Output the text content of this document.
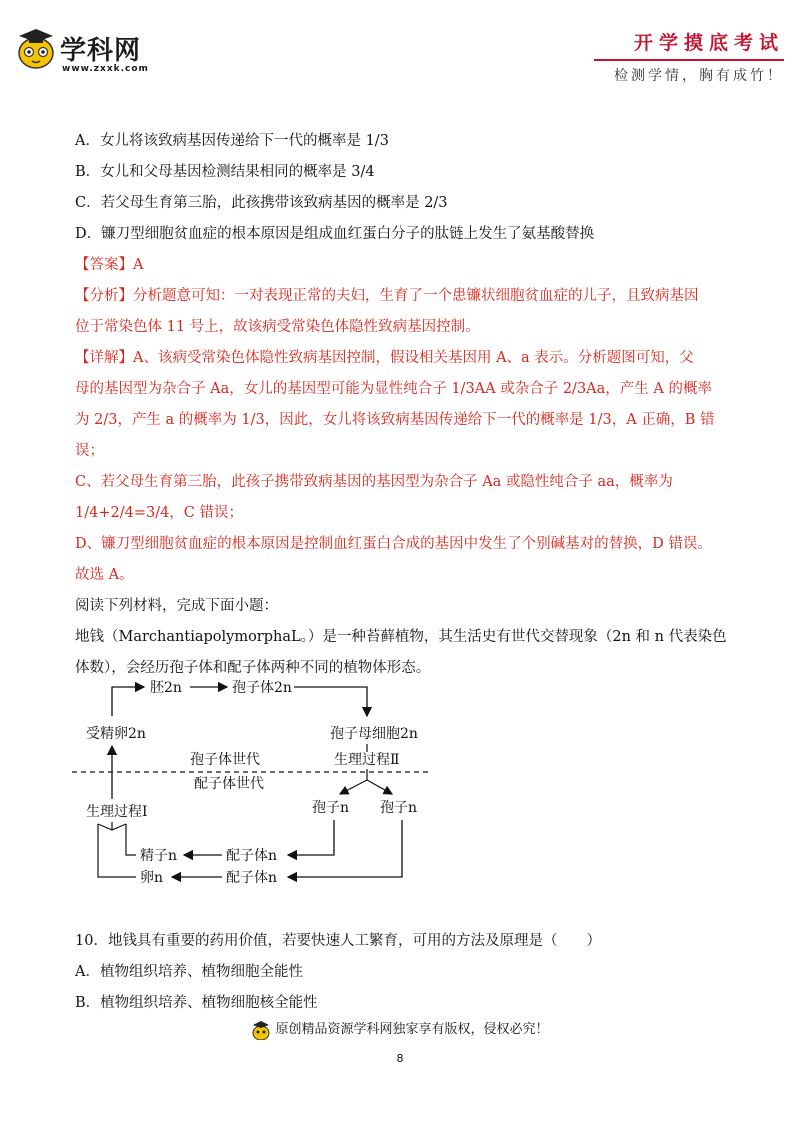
学科网
www.zxxk.com
开学摸底考试
检测学情，胸有成竹！
A．女儿将该致病基因传递给下一代的概率是 1/3
B．女儿和父母基因检测结果相同的概率是 3/4
C．若父母生育第三胎，此孩携带该致病基因的概率是 2/3
D．镰刀型细胞贫血症的根本原因是组成血红蛋白分子的肽链上发生了氨基酸替换
【答案】A
【分析】分析题意可知：一对表现正常的夫妇，生育了一个患镰状细胞贫血症的儿子，且致病基因
位于常染色体 11 号上，故该病受常染色体隐性致病基因控制。
【详解】A、该病受常染色体隐性致病基因控制，假设相关基因用 A、a 表示。分析题图可知，父
母的基因型为杂合子 Aa，女儿的基因型可能为显性纯合子 1/3AA 或杂合子 2/3Aa，产生 A 的概率
为 2/3，产生 a 的概率为 1/3，因此，女儿将该致病基因传递给下一代的概率是 1/3，A 正确，B 错
误；
C、若父母生育第三胎，此孩子携带致病基因的基因型为杂合子 Aa 或隐性纯合子 aa，概率为
1/4+2/4=3/4，C 错误；
D、镰刀型细胞贫血症的根本原因是控制血红蛋白合成的基因中发生了个别碱基对的替换，D 错误。
故选 A。
阅读下列材料，完成下面小题：
地钱（MarchantiapolymorphaL。）是一种苔藓植物，其生活史有世代交替现象（2n 和 n 代表染色
体数），会经历孢子体和配子体两种不同的植物体形态。
胚2n	孢子体2n
受精卵2n	孢子母细胞2n
孢子体世代	生理过程Ⅱ
配子体世代
孢子n 孢子n
生理过程Ⅰ
精子n	配子体n
卵n	配子体n
10．地钱具有重要的药用价值，若要快速人工繁育，可用的方法及原理是（　　）
A．植物组织培养、植物细胞全能性
B．植物组织培养、植物细胞核全能性
原创精品资源学科网独家享有版权，侵权必究！
8
